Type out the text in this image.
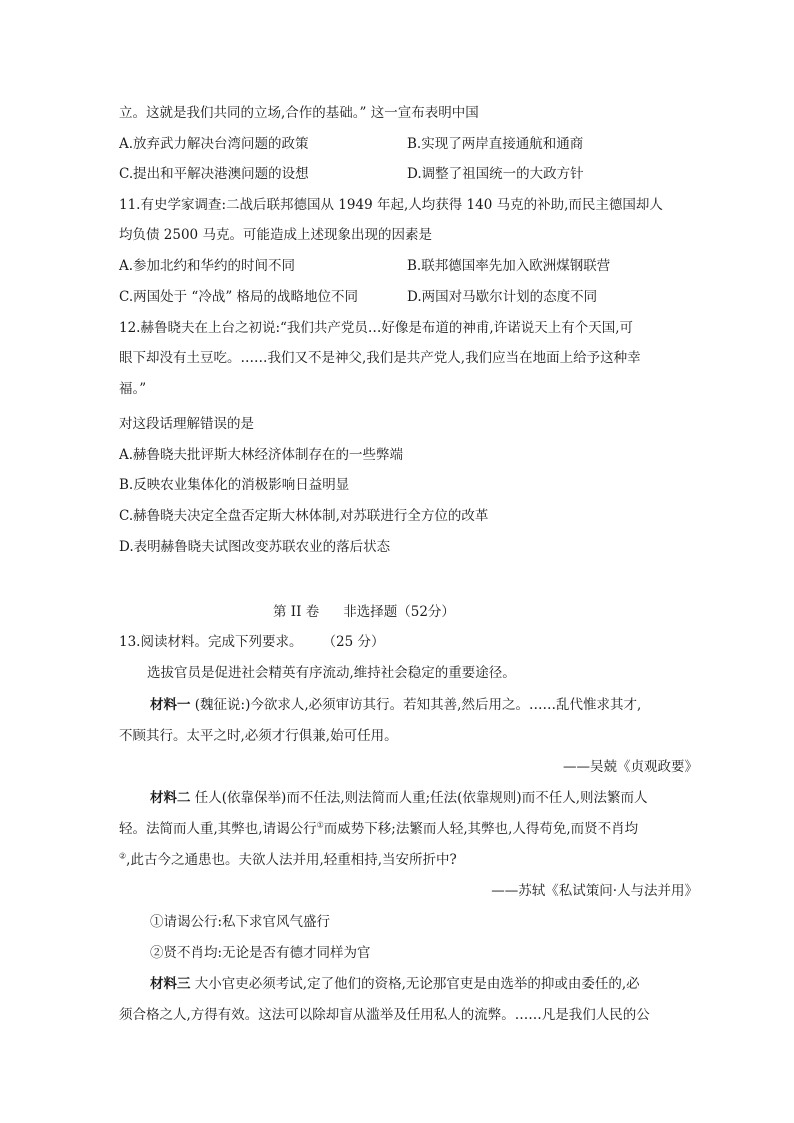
立。这就是我们共同的立场,合作的基础。” 这一宣布表明中国
A.放弃武力解决台湾问题的政策	B.实现了两岸直接通航和通商
C.提出和平解决港澳问题的设想	D.调整了祖国统一的大政方针
11.有史学家调查:二战后联邦德国从 1949 年起,人均获得 140 马克的补助,而民主德国却人
均负债 2500 马克。可能造成上述现象出现的因素是
A.参加北约和华约的时间不同	B.联邦德国率先加入欧洲煤钢联营
C.两国处于 “冷战” 格局的战略地位不同	D.两国对马歇尔计划的态度不同
12.赫鲁晓夫在上台之初说:“我们共产党员…好像是布道的神甫,许诺说天上有个天国,可
眼下却没有土豆吃。……我们又不是神父,我们是共产党人,我们应当在地面上给予这种幸
福。”
对这段话理解错误的是
A.赫鲁晓夫批评斯大林经济体制存在的一些弊端
B.反映农业集体化的消极影响日益明显
C.赫鲁晓夫决定全盘否定斯大林体制,对苏联进行全方位的改革
D.表明赫鲁晓夫试图改变苏联农业的落后状态
第 II 卷 非选择题（52分）
13.阅读材料。完成下列要求。 （25 分）
选拔官员是促进社会精英有序流动,维持社会稳定的重要途径。
材料一 (魏征说:)今欲求人,必须审访其行。若知其善,然后用之。……乱代惟求其才,
不顾其行。太平之时,必须才行俱兼,始可任用。
——吴兢《贞观政要》
材料二 任人(依靠保举)而不任法,则法简而人重;任法(依靠规则)而不任人,则法繁而人
轻。法简而人重,其弊也,请谒公行①而威势下移;法繁而人轻,其弊也,人得苟免,而贤不肖均
②,此古今之通患也。夫欲人法并用,轻重相持,当安所折中?
——苏轼《私试策问·人与法并用》
①请谒公行:私下求官风气盛行
②贤不肖均:无论是否有德才同样为官
材料三 大小官吏必须考试,定了他们的资格,无论那官吏是由选举的抑或由委任的,必
须合格之人,方得有效。这法可以除却盲从滥举及任用私人的流弊。……凡是我们人民的公
